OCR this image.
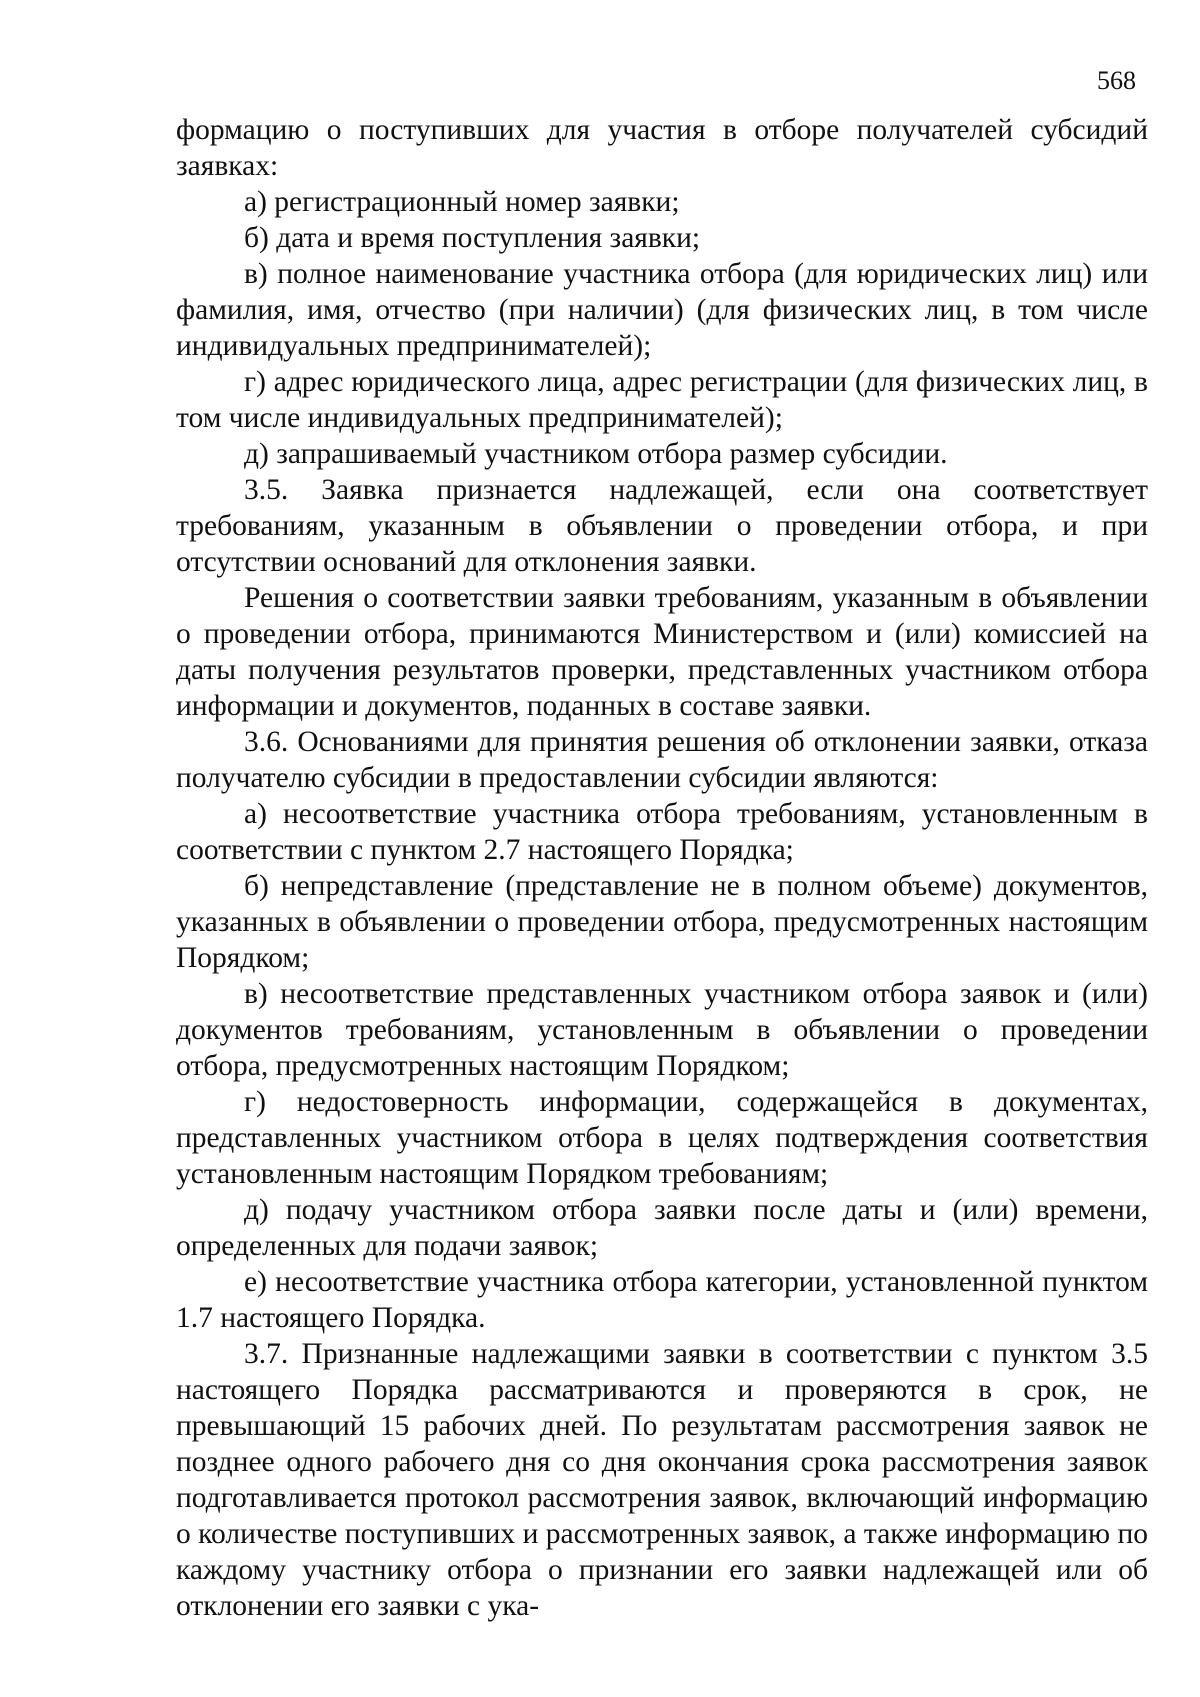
568

формацию о поступивших для участия в отборе получателей субсидий заявках:

а) регистрационный номер заявки;

б) дата и время поступления заявки;

в) полное наименование участника отбора (для юридических лиц) или фамилия, имя, отчество (при наличии) (для физических лиц, в том числе индивидуальных предпринимателей);

г) адрес юридического лица, адрес регистрации (для физических лиц, в том числе индивидуальных предпринимателей);

д) запрашиваемый участником отбора размер субсидии.

3.5. Заявка признается надлежащей, если она соответствует требованиям, указанным в объявлении о проведении отбора, и при отсутствии оснований для отклонения заявки.

Решения о соответствии заявки требованиям, указанным в объявлении о проведении отбора, принимаются Министерством и (или) комиссией на даты получения результатов проверки, представленных участником отбора информации и документов, поданных в составе заявки.

3.6. Основаниями для принятия решения об отклонении заявки, отказа получателю субсидии в предоставлении субсидии являются:

а) несоответствие участника отбора требованиям, установленным в соответствии с пунктом 2.7 настоящего Порядка;

б) непредставление (представление не в полном объеме) документов, указанных в объявлении о проведении отбора, предусмотренных настоящим Порядком;

в) несоответствие представленных участником отбора заявок и (или) документов требованиям, установленным в объявлении о проведении отбора, предусмотренных настоящим Порядком;

г) недостоверность информации, содержащейся в документах, представленных участником отбора в целях подтверждения соответствия установленным настоящим Порядком требованиям;

д) подачу участником отбора заявки после даты и (или) времени, определенных для подачи заявок;

е) несоответствие участника отбора категории, установленной пунктом 1.7 настоящего Порядка.

3.7. Признанные надлежащими заявки в соответствии с пунктом 3.5 настоящего Порядка рассматриваются и проверяются в срок, не превышающий 15 рабочих дней. По результатам рассмотрения заявок не позднее одного рабочего дня со дня окончания срока рассмотрения заявок подготавливается протокол рассмотрения заявок, включающий информацию о количестве поступивших и рассмотренных заявок, а также информацию по каждому участнику отбора о признании его заявки надлежащей или об отклонении его заявки с ука-
